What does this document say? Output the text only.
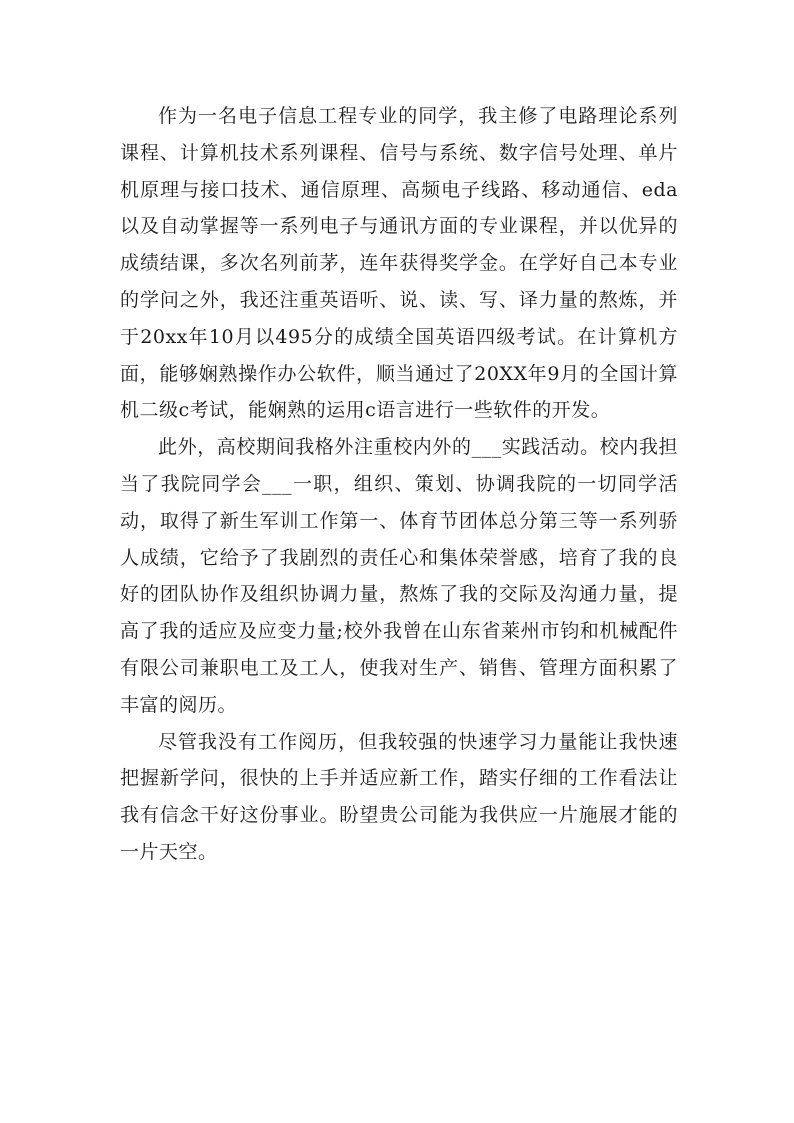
作为一名电子信息工程专业的同学，我主修了电路理论系列课程、计算机技术系列课程、信号与系统、数字信号处理、单片机原理与接口技术、通信原理、高频电子线路、移动通信、eda以及自动掌握等一系列电子与通讯方面的专业课程，并以优异的成绩结课，多次名列前茅，连年获得奖学金。在学好自己本专业的学问之外，我还注重英语听、说、读、写、译力量的熬炼，并于20xx年10月以495分的成绩全国英语四级考试。在计算机方面，能够娴熟操作办公软件，顺当通过了20XX年9月的全国计算机二级c考试，能娴熟的运用c语言进行一些软件的开发。

此外，高校期间我格外注重校内外的___实践活动。校内我担当了我院同学会___一职，组织、策划、协调我院的一切同学活动，取得了新生军训工作第一、体育节团体总分第三等一系列骄人成绩，它给予了我剧烈的责任心和集体荣誉感，培育了我的良好的团队协作及组织协调力量，熬炼了我的交际及沟通力量，提高了我的适应及应变力量;校外我曾在山东省莱州市钧和机械配件有限公司兼职电工及工人，使我对生产、销售、管理方面积累了丰富的阅历。

尽管我没有工作阅历，但我较强的快速学习力量能让我快速把握新学问，很快的上手并适应新工作，踏实仔细的工作看法让我有信念干好这份事业。盼望贵公司能为我供应一片施展才能的一片天空。
